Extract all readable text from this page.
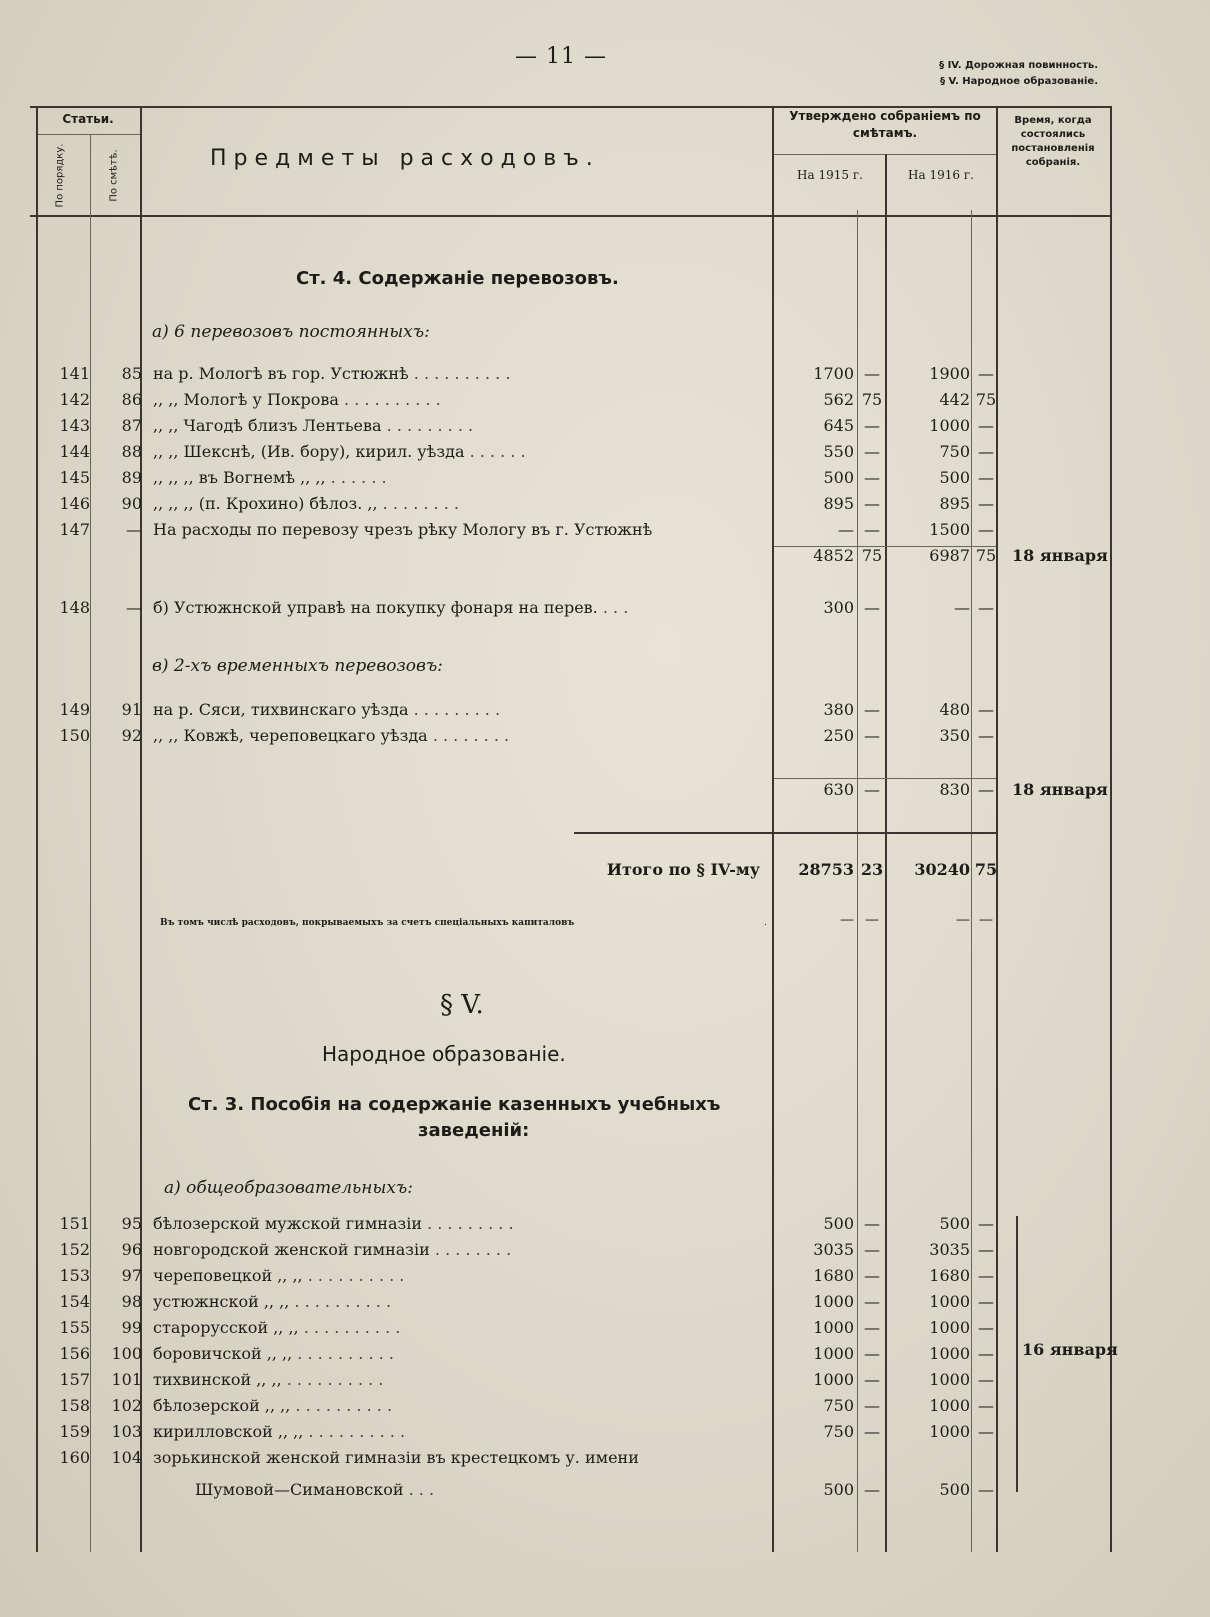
— 11 —	§ IV. Дорожная повинность.
§ V. Народное образованіе.
Статьи.
По порядку.	По смѣтѣ.	Предметы расходовъ.
Утверждено собраніемъ по смѣтамъ.
На 1915 г.	На 1916 г.
Время, когда состоялись постановленія собранія.
Ст. 4. Содержаніе перевозовъ.
а) 6 перевозовъ постоянныхъ:
141	85 на р. Мологѣ въ гор. Устюжнѣ . . . . . . . . . .	1700 —	1900 —
142	86 ,, ,, Мологѣ у Покрова . . . . . . . . . .	562 75	442 75
143	87 ,, ,, Чагодѣ близъ Лентьева . . . . . . . . .	645 —	1000 —
144	88 ,, ,, Шекснѣ, (Ив. бору), кирил. уѣзда . . . . . .	550 —	750 —
145	89 ,, ,, ,, въ Вогнемѣ ,, ,, . . . . . .	500 —	500 —
146	90 ,, ,, ,, (п. Крохино) бѣлоз. ,, . . . . . . . .	895 —	895 —
147	— На расходы по перевозу чрезъ рѣку Мологу въ г. Устюжнѣ	— —	1500 —
4852 75	6987 75 18 января
148	— б) Устюжнской управѣ на покупку фонаря на перев. . . .	300 —	— —
в) 2-хъ временныхъ перевозовъ:
149	91 на р. Сяси, тихвинскаго уѣзда . . . . . . . . .	380 —	480 —
150	92 ,, ,, Ковжѣ, череповецкаго уѣзда . . . . . . . .	250 —	350 —
630 —	830 —	18 января
Итого по § IV-му	28753 23	30240 75
Въ томъ числѣ расходовъ, покрываемыхъ за счетъ спеціальныхъ капиталовъ	.	— —	— —
§ V.
Народное образованіе.
Ст. 3. Пособія на содержаніе казенныхъ учебныхъ
заведеній:
а) общеобразовательныхъ:
151	95 бѣлозерской мужской гимназіи . . . . . . . . .	500 —	500 —
152	96 новгородской женской гимназіи . . . . . . . .	3035 —	3035 —
153	97 череповецкой ,, ,, . . . . . . . . . .	1680 —	1680 —
154	98 устюжнской ,, ,, . . . . . . . . . .	1000 —	1000 —
155	99 старорусской ,, ,, . . . . . . . . . .	1000 —	1000 —
156	100 боровичской ,, ,, . . . . . . . . . .	1000 —	1000 —
157	101 тихвинской ,, ,, . . . . . . . . . .	1000 —	1000 —
158	102 бѣлозерской ,, ,, . . . . . . . . . .	750 —	1000 —
159	103 кирилловской ,, ,, . . . . . . . . . .	750 —	1000 —
160	104 зорькинской женской гимназіи въ крестецкомъ у. имени
Шумовой—Симановской . . .	500 —	500 —
16 января
